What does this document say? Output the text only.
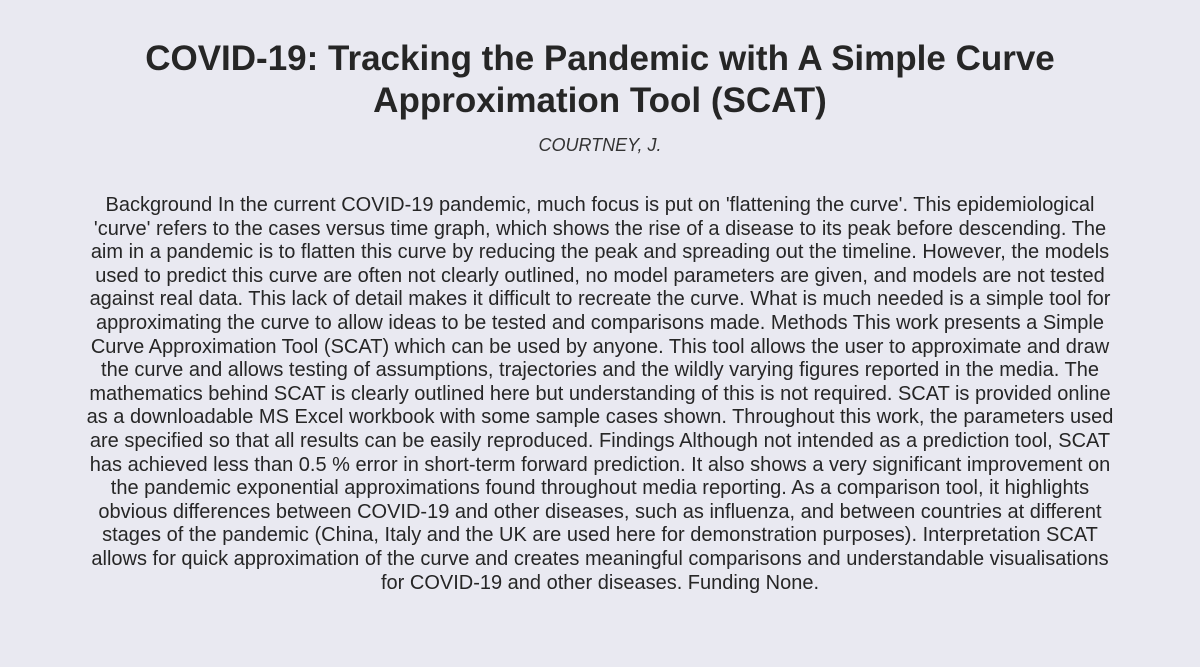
COVID-19: Tracking the Pandemic with A Simple Curve Approximation Tool (SCAT)
COURTNEY, J.

Background In the current COVID-19 pandemic, much focus is put on 'flattening the curve'. This epidemiological 'curve' refers to the cases versus time graph, which shows the rise of a disease to its peak before descending. The aim in a pandemic is to flatten this curve by reducing the peak and spreading out the timeline. However, the models used to predict this curve are often not clearly outlined, no model parameters are given, and models are not tested against real data. This lack of detail makes it difficult to recreate the curve. What is much needed is a simple tool for approximating the curve to allow ideas to be tested and comparisons made. Methods This work presents a Simple Curve Approximation Tool (SCAT) which can be used by anyone. This tool allows the user to approximate and draw the curve and allows testing of assumptions, trajectories and the wildly varying figures reported in the media. The mathematics behind SCAT is clearly outlined here but understanding of this is not required. SCAT is provided online as a downloadable MS Excel workbook with some sample cases shown. Throughout this work, the parameters used are specified so that all results can be easily reproduced. Findings Although not intended as a prediction tool, SCAT has achieved less than 0.5 % error in short-term forward prediction. It also shows a very significant improvement on the pandemic exponential approximations found throughout media reporting. As a comparison tool, it highlights obvious differences between COVID-19 and other diseases, such as influenza, and between countries at different stages of the pandemic (China, Italy and the UK are used here for demonstration purposes). Interpretation SCAT allows for quick approximation of the curve and creates meaningful comparisons and understandable visualisations for COVID-19 and other diseases. Funding None.
